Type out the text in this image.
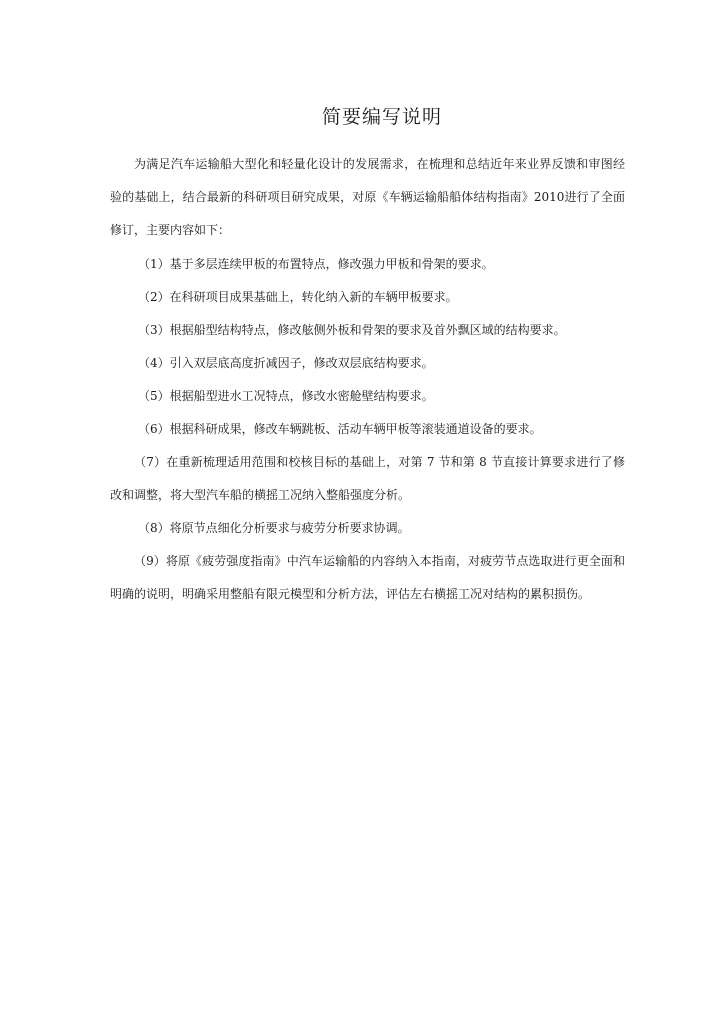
简要编写说明

为满足汽车运输船大型化和轻量化设计的发展需求，在梳理和总结近年来业界反馈和审图经验的基础上，结合最新的科研项目研究成果，对原《车辆运输船船体结构指南》2010进行了全面修订，主要内容如下：

（1）基于多层连续甲板的布置特点，修改强力甲板和骨架的要求。

（2）在科研项目成果基础上，转化纳入新的车辆甲板要求。

（3）根据船型结构特点，修改舷侧外板和骨架的要求及首外飘区域的结构要求。

（4）引入双层底高度折减因子，修改双层底结构要求。

（5）根据船型进水工况特点，修改水密舱壁结构要求。

（6）根据科研成果，修改车辆跳板、活动车辆甲板等滚装通道设备的要求。

（7）在重新梳理适用范围和校核目标的基础上，对第 7 节和第 8 节直接计算要求进行了修改和调整，将大型汽车船的横摇工况纳入整船强度分析。

（8）将原节点细化分析要求与疲劳分析要求协调。

（9）将原《疲劳强度指南》中汽车运输船的内容纳入本指南，对疲劳节点选取进行更全面和明确的说明，明确采用整船有限元模型和分析方法，评估左右横摇工况对结构的累积损伤。
